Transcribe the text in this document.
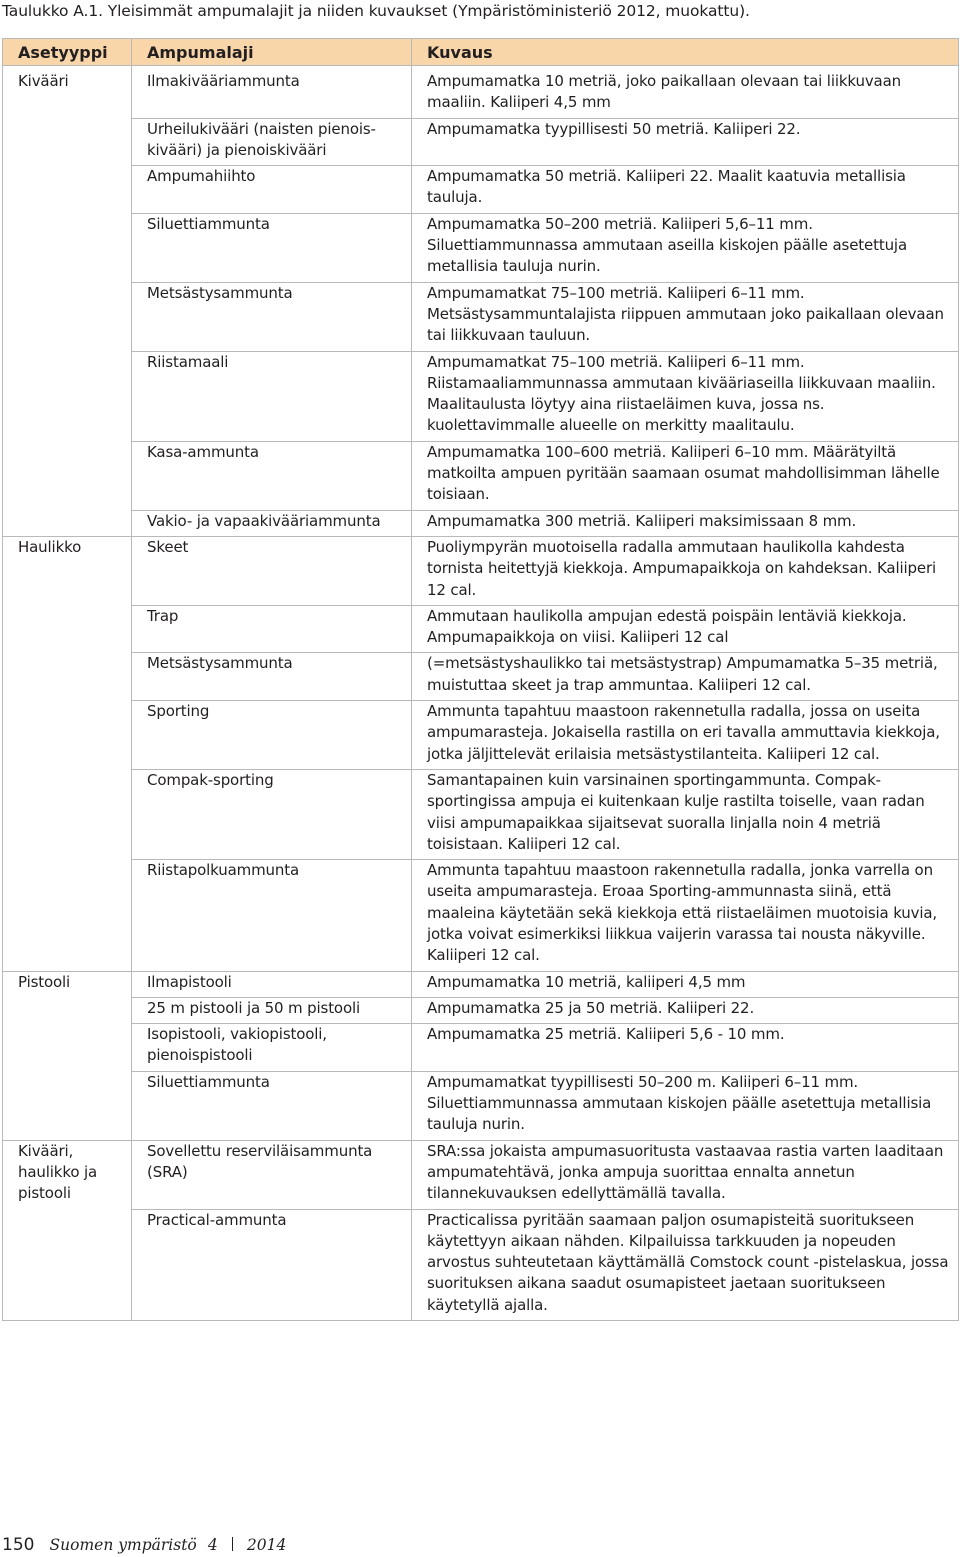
Taulukko A.1. Yleisimmät ampumalajit ja niiden kuvaukset (Ympäristöministeriö 2012, muokattu).
Asetyyppi	Ampumalaji	Kuvaus
Kivääri	Ilmakivääriammunta	Ampumamatka 10 metriä, joko paikallaan olevaan tai liikkuvaan maaliin. Kaliiperi 4,5 mm
	Urheilukivääri (naisten pienois-kivääri) ja pienoiskivääri	Ampumamatka tyypillisesti 50 metriä. Kaliiperi 22.
	Ampumahiihto	Ampumamatka 50 metriä. Kaliiperi 22. Maalit kaatuvia metallisia tauluja.
	Siluettiammunta	Ampumamatka 50–200 metriä. Kaliiperi 5,6–11 mm. Siluettiammunnassa ammutaan aseilla kiskojen päälle asetettuja metallisia tauluja nurin.
	Metsästysammunta	Ampumamatkat 75–100 metriä. Kaliiperi 6–11 mm. Metsästysammuntalajista riippuen ammutaan joko paikallaan olevaan tai liikkuvaan tauluun.
	Riistamaali	Ampumamatkat 75–100 metriä. Kaliiperi 6–11 mm. Riistamaaliammunnassa ammutaan kivääriaseilla liikkuvaan maaliin. Maalitaulusta löytyy aina riistaeläimen kuva, jossa ns. kuolettavimmalle alueelle on merkitty maalitaulu.
	Kasa-ammunta	Ampumamatka 100–600 metriä. Kaliiperi 6–10 mm. Määrätyiltä matkoilta ampuen pyritään saamaan osumat mahdollisimman lähelle toisiaan.
	Vakio- ja vapaakivääriammunta	Ampumamatka 300 metriä. Kaliiperi maksimissaan 8 mm.
Haulikko	Skeet	Puoliympyrän muotoisella radalla ammutaan haulikolla kahdesta tornista heitettyjä kiekkoja. Ampumapaikkoja on kahdeksan. Kaliiperi 12 cal.
	Trap	Ammutaan haulikolla ampujan edestä poispäin lentäviä kiekkoja. Ampumapaikkoja on viisi. Kaliiperi 12 cal
	Metsästysammunta	(=metsästyshaulikko tai metsästystrap) Ampumamatka 5–35 metriä, muistuttaa skeet ja trap ammuntaa. Kaliiperi 12 cal.
	Sporting	Ammunta tapahtuu maastoon rakennetulla radalla, jossa on useita ampumarasteja. Jokaisella rastilla on eri tavalla ammuttavia kiekkoja, jotka jäljittelevät erilaisia metsästystilanteita. Kaliiperi 12 cal.
	Compak-sporting	Samantapainen kuin varsinainen sportingammunta. Compak-sportingissa ampuja ei kuitenkaan kulje rastilta toiselle, vaan radan viisi ampumapaikkaa sijaitsevat suoralla linjalla noin 4 metriä toisistaan. Kaliiperi 12 cal.
	Riistapolkuammunta	Ammunta tapahtuu maastoon rakennetulla radalla, jonka varrella on useita ampumarasteja. Eroaa Sporting-ammunnasta siinä, että maaleina käytetään sekä kiekkoja että riistaeläimen muotoisia kuvia, jotka voivat esimerkiksi liikkua vaijerin varassa tai nousta näkyville. Kaliiperi 12 cal.
Pistooli	Ilmapistooli	Ampumamatka 10 metriä, kaliiperi 4,5 mm
	25 m pistooli ja 50 m pistooli	Ampumamatka 25 ja 50 metriä. Kaliiperi 22.
	Isopistooli, vakiopistooli, pienoispistooli	Ampumamatka 25 metriä. Kaliiperi 5,6 - 10 mm.
	Siluettiammunta	Ampumamatkat tyypillisesti 50–200 m. Kaliiperi 6–11 mm. Siluettiammunnassa ammutaan kiskojen päälle asetettuja metallisia tauluja nurin.
Kivääri, haulikko ja pistooli	Sovellettu reserviläisammunta (SRA)	SRA:ssa jokaista ampumasuoritusta vastaavaa rastia varten laaditaan ampumatehtävä, jonka ampuja suorittaa ennalta annetun tilannekuvauksen edellyttämällä tavalla.
	Practical-ammunta	Practicalissa pyritään saamaan paljon osumapisteitä suoritukseen käytettyyn aikaan nähden. Kilpailuissa tarkkuuden ja nopeuden arvostus suhteutetaan käyttämällä Comstock count -pistelaskua, jossa suorituksen aikana saadut osumapisteet jaetaan suoritukseen käytetyllä ajalla.
150 Suomen ympäristö 4 2014
